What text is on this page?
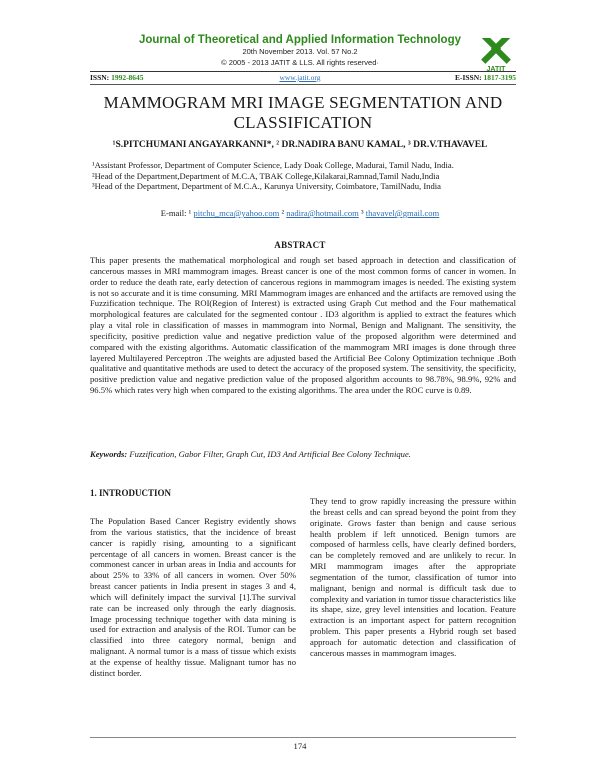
Journal of Theoretical and Applied Information Technology
20th November 2013. Vol. 57 No.2
© 2005 - 2013 JATIT & LLS. All rights reserved·
JATIT
ISSN: 1992-8645	www.jatit.org	E-ISSN: 1817-3195
MAMMOGRAM MRI IMAGE SEGMENTATION AND CLASSIFICATION
¹S.PITCHUMANI ANGAYARKANNI*, ² DR.NADIRA BANU KAMAL, ³ DR.V.THAVAVEL
¹Assistant Professor, Department of Computer Science, Lady Doak College, Madurai, Tamil Nadu, India.
²Head of the Department,Department of M.C.A, TBAK College,Kilakarai,Ramnad,Tamil Nadu,India
³Head of the Department, Department of M.C.A., Karunya University, Coimbatore, TamilNadu, India
E-mail: ¹ pitchu_mca@yahoo.com ² nadira@hotmail.com ³ thavavel@gmail.com
ABSTRACT
This paper presents the mathematical morphological and rough set based approach in detection and classification of cancerous masses in MRI mammogram images. Breast cancer is one of the most common forms of cancer in women. In order to reduce the death rate, early detection of cancerous regions in mammogram images is needed. The existing system is not so accurate and it is time consuming. MRI Mammogram images are enhanced and the artifacts are removed using the Fuzzification technique. The ROI(Region of Interest) is extracted using Graph Cut method and the Four mathematical morphological features are calculated for the segmented contour . ID3 algorithm is applied to extract the features which play a vital role in classification of masses in mammogram into Normal, Benign and Malignant. The sensitivity, the specificity, positive prediction value and negative prediction value of the proposed algorithm were determined and compared with the existing algorithms. Automatic classification of the mammogram MRI images is done through three layered Multilayered Perceptron .The weights are adjusted based the Artificial Bee Colony Optimization technique .Both qualitative and quantitative methods are used to detect the accuracy of the proposed system. The sensitivity, the specificity, positive prediction value and negative prediction value of the proposed algorithm accounts to 98.78%, 98.9%, 92% and 96.5% which rates very high when compared to the existing algorithms. The area under the ROC curve is 0.89.
Keywords: Fuzzification, Gabor Filter, Graph Cut, ID3 And Artificial Bee Colony Technique.
1. INTRODUCTION
The Population Based Cancer Registry evidently shows from the various statistics, that the incidence of breast cancer is rapidly rising, amounting to a significant percentage of all cancers in women. Breast cancer is the commonest cancer in urban areas in India and accounts for about 25% to 33% of all cancers in women. Over 50% breast cancer patients in India present in stages 3 and 4, which will definitely impact the survival [1].The survival rate can be increased only through the early diagnosis. Image processing technique together with data mining is used for extraction and analysis of the ROI. Tumor can be classified into three category normal, benign and malignant. A normal tumor is a mass of tissue which exists at the expense of healthy tissue. Malignant tumor has no distinct border.
They tend to grow rapidly increasing the pressure within the breast cells and can spread beyond the point from they originate. Grows faster than benign and cause serious health problem if left unnoticed. Benign tumors are composed of harmless cells, have clearly defined borders, can be completely removed and are unlikely to recur. In MRI mammogram images after the appropriate segmentation of the tumor, classification of tumor into malignant, benign and normal is difficult task due to complexity and variation in tumor tissue characteristics like its shape, size, grey level intensities and location. Feature extraction is an important aspect for pattern recognition problem. This paper presents a Hybrid rough set based approach for automatic detection and classification of cancerous masses in mammogram images.
174
